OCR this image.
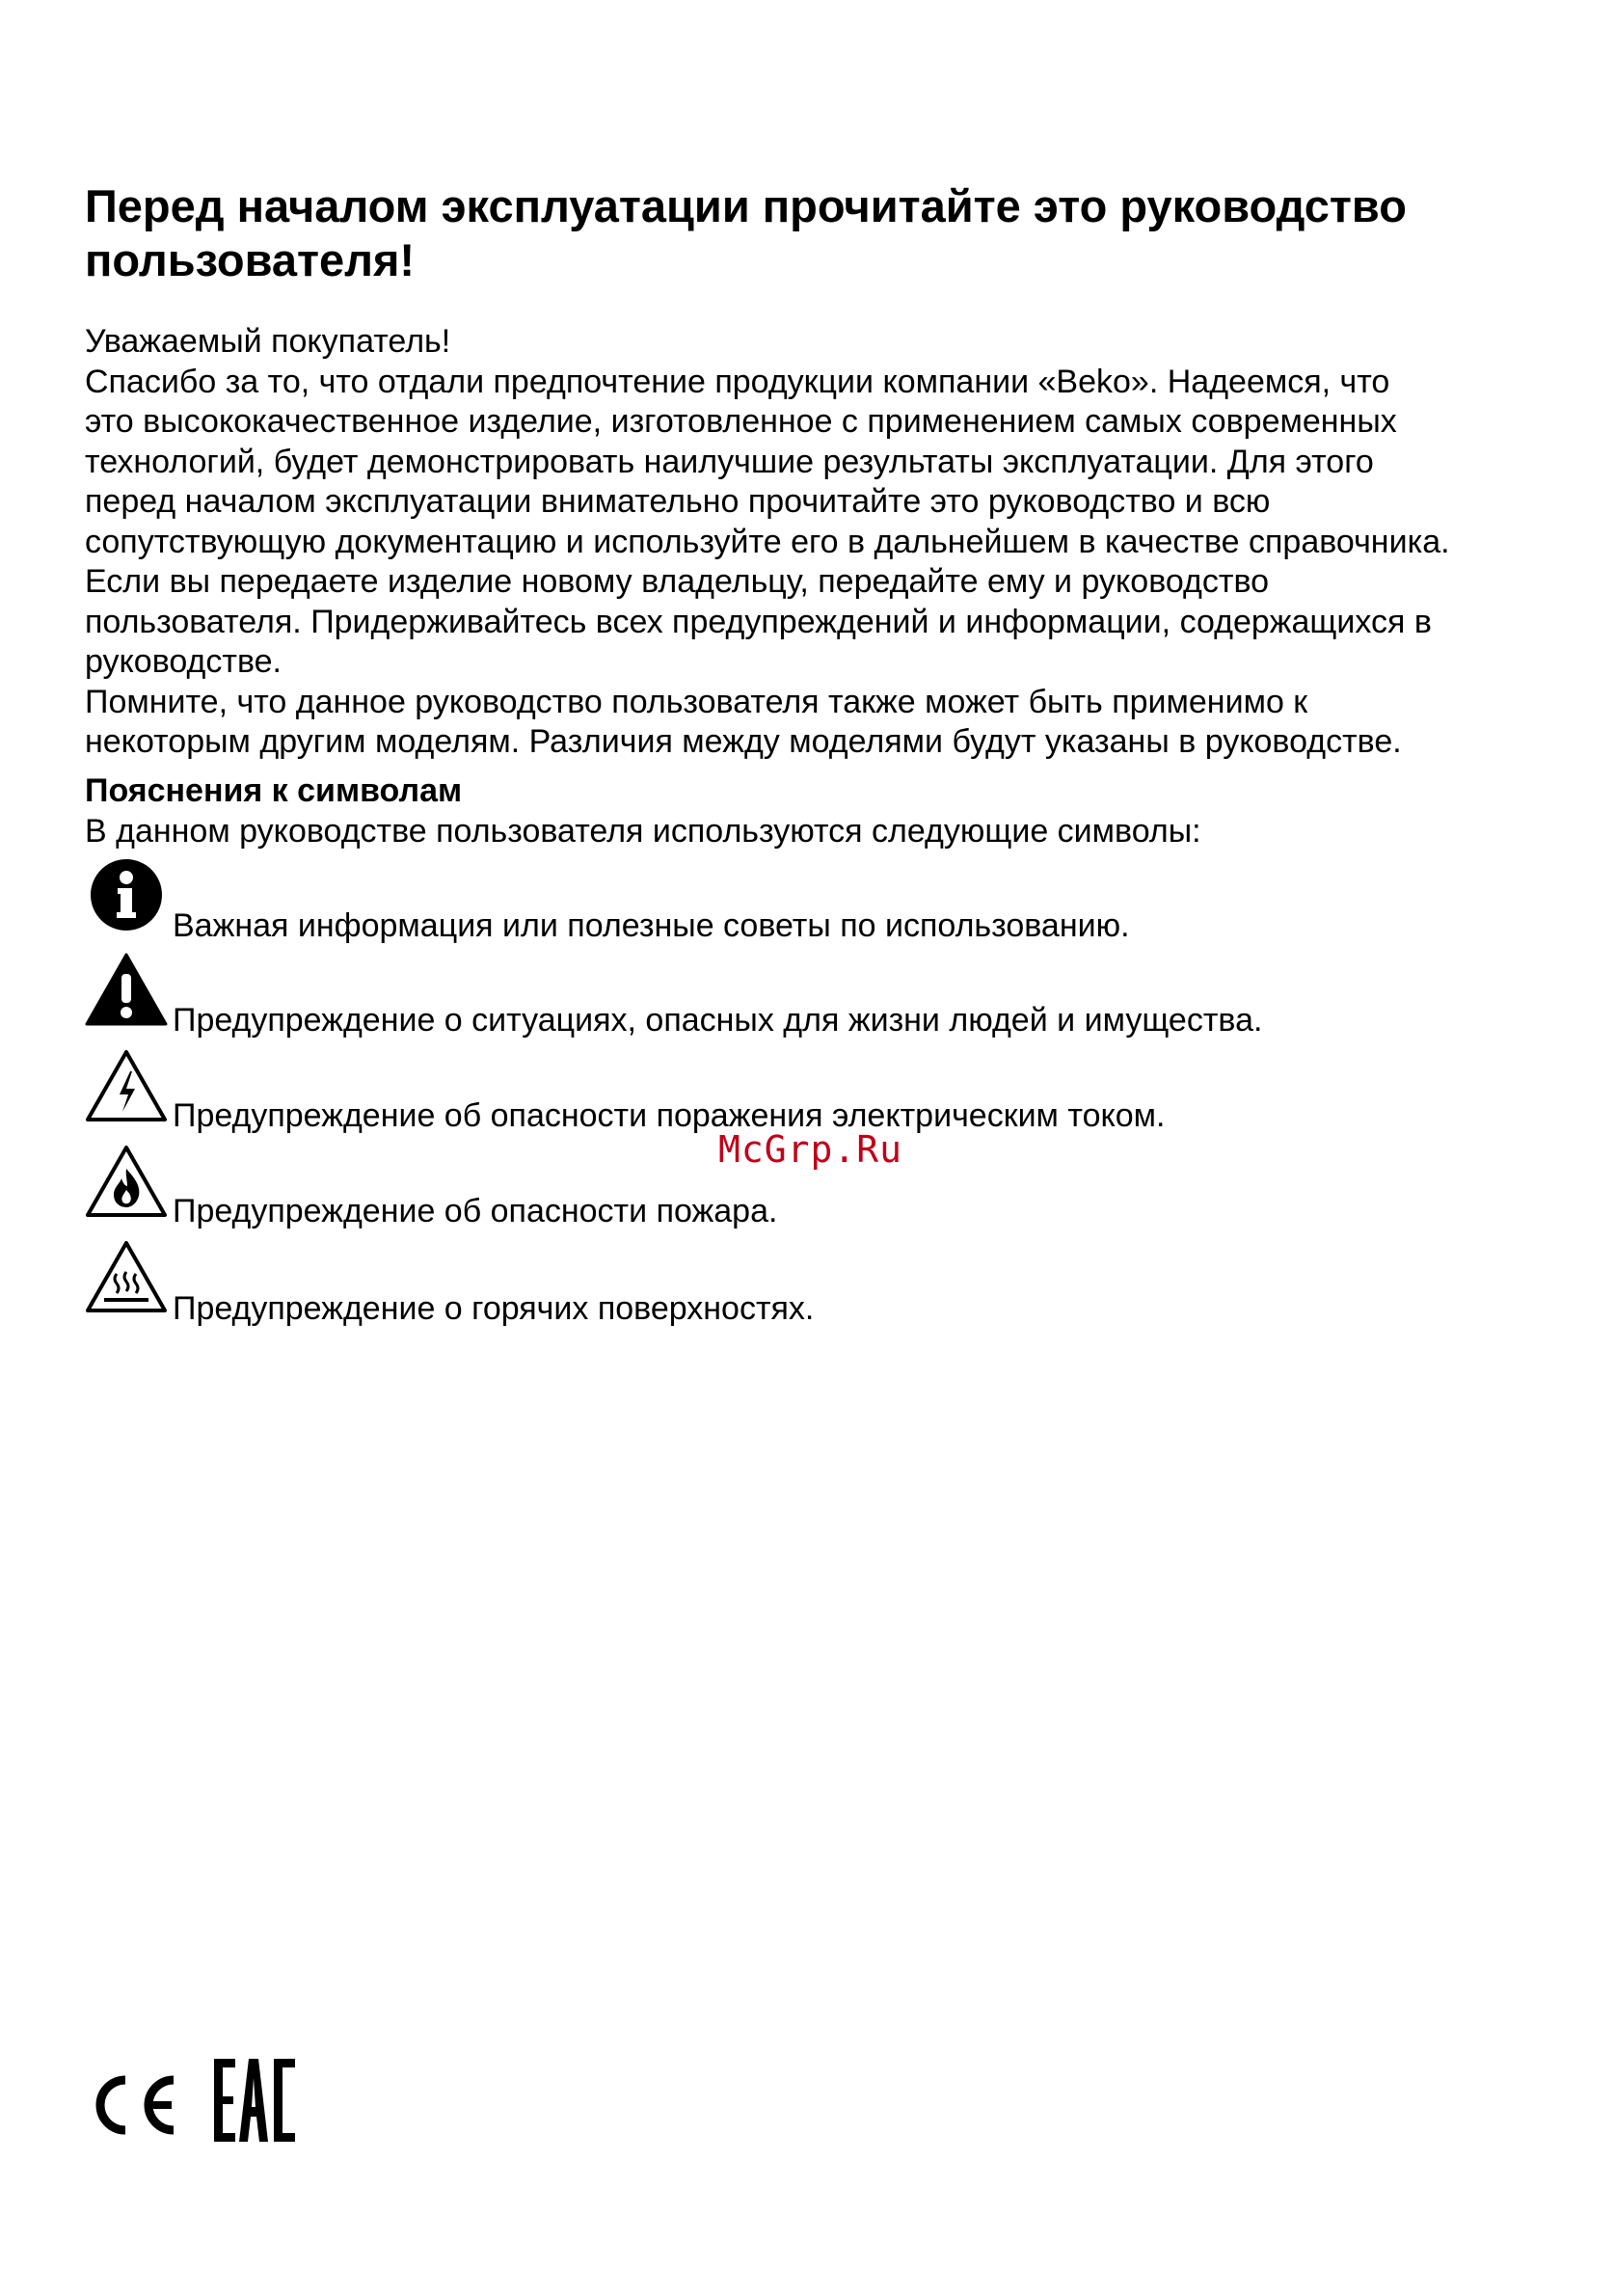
Перед началом эксплуатации прочитайте это руководство
пользователя!
Уважаемый покупатель!
Спасибо за то, что отдали предпочтение продукции компании «Beko». Надеемся, что
это высококачественное изделие, изготовленное с применением самых современных
технологий, будет демонстрировать наилучшие результаты эксплуатации. Для этого
перед началом эксплуатации внимательно прочитайте это руководство и всю
сопутствующую документацию и используйте его в дальнейшем в качестве справочника.
Если вы передаете изделие новому владельцу, передайте ему и руководство
пользователя. Придерживайтесь всех предупреждений и информации, содержащихся в
руководстве.
Помните, что данное руководство пользователя также может быть применимо к
некоторым другим моделям. Различия между моделями будут указаны в руководстве.
Пояснения к символам
В данном руководстве пользователя используются следующие символы:
Важная информация или полезные советы по использованию.
Предупреждение о ситуациях, опасных для жизни людей и имущества.
Предупреждение об опасности поражения электрическим током.
Предупреждение об опасности пожара.
Предупреждение о горячих поверхностях.
McGrp.Ru
